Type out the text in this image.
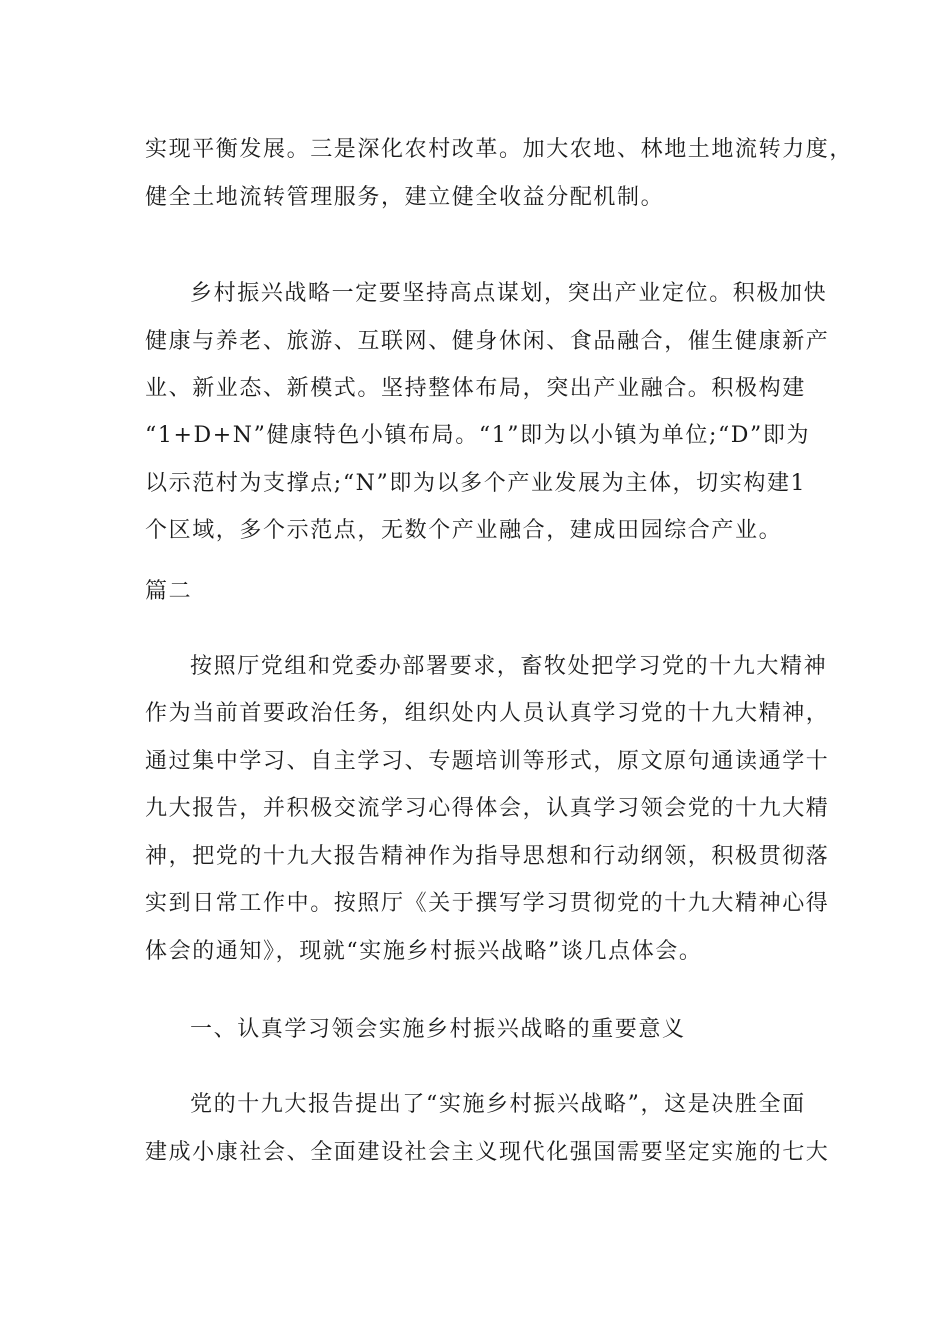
实现平衡发展。三是深化农村改革。加大农地、林地土地流转力度，
健全土地流转管理服务，建立健全收益分配机制。
乡村振兴战略一定要坚持高点谋划，突出产业定位。积极加快
健康与养老、旅游、互联网、健身休闲、食品融合，催生健康新产
业、新业态、新模式。坚持整体布局，突出产业融合。积极构建
“1+D+N”健康特色小镇布局。“1”即为以小镇为单位;“D”即为
以示范村为支撑点;“N”即为以多个产业发展为主体，切实构建1
个区域，多个示范点，无数个产业融合，建成田园综合产业。
篇二
按照厅党组和党委办部署要求，畜牧处把学习党的十九大精神
作为当前首要政治任务，组织处内人员认真学习党的十九大精神，
通过集中学习、自主学习、专题培训等形式，原文原句通读通学十
九大报告，并积极交流学习心得体会，认真学习领会党的十九大精
神，把党的十九大报告精神作为指导思想和行动纲领，积极贯彻落
实到日常工作中。按照厅《关于撰写学习贯彻党的十九大精神心得
体会的通知》，现就“实施乡村振兴战略”谈几点体会。
一、认真学习领会实施乡村振兴战略的重要意义
党的十九大报告提出了“实施乡村振兴战略”，这是决胜全面
建成小康社会、全面建设社会主义现代化强国需要坚定实施的七大
